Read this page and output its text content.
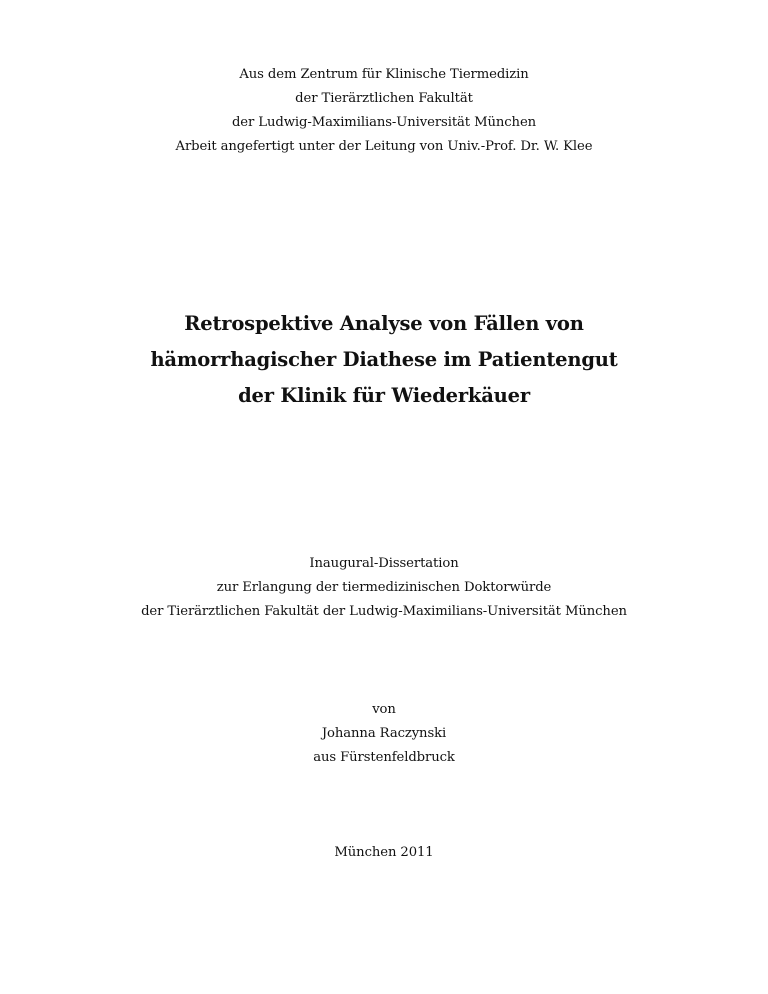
Aus dem Zentrum für Klinische Tiermedizin
der Tierärztlichen Fakultät
der Ludwig-Maximilians-Universität München
Arbeit angefertigt unter der Leitung von Univ.-Prof. Dr. W. Klee
Retrospektive Analyse von Fällen von
hämorrhagischer Diathese im Patientengut
der Klinik für Wiederkäuer
Inaugural-Dissertation
zur Erlangung der tiermedizinischen Doktorwürde
der Tierärztlichen Fakultät der Ludwig-Maximilians-Universität München
von
Johanna Raczynski
aus Fürstenfeldbruck
München 2011
